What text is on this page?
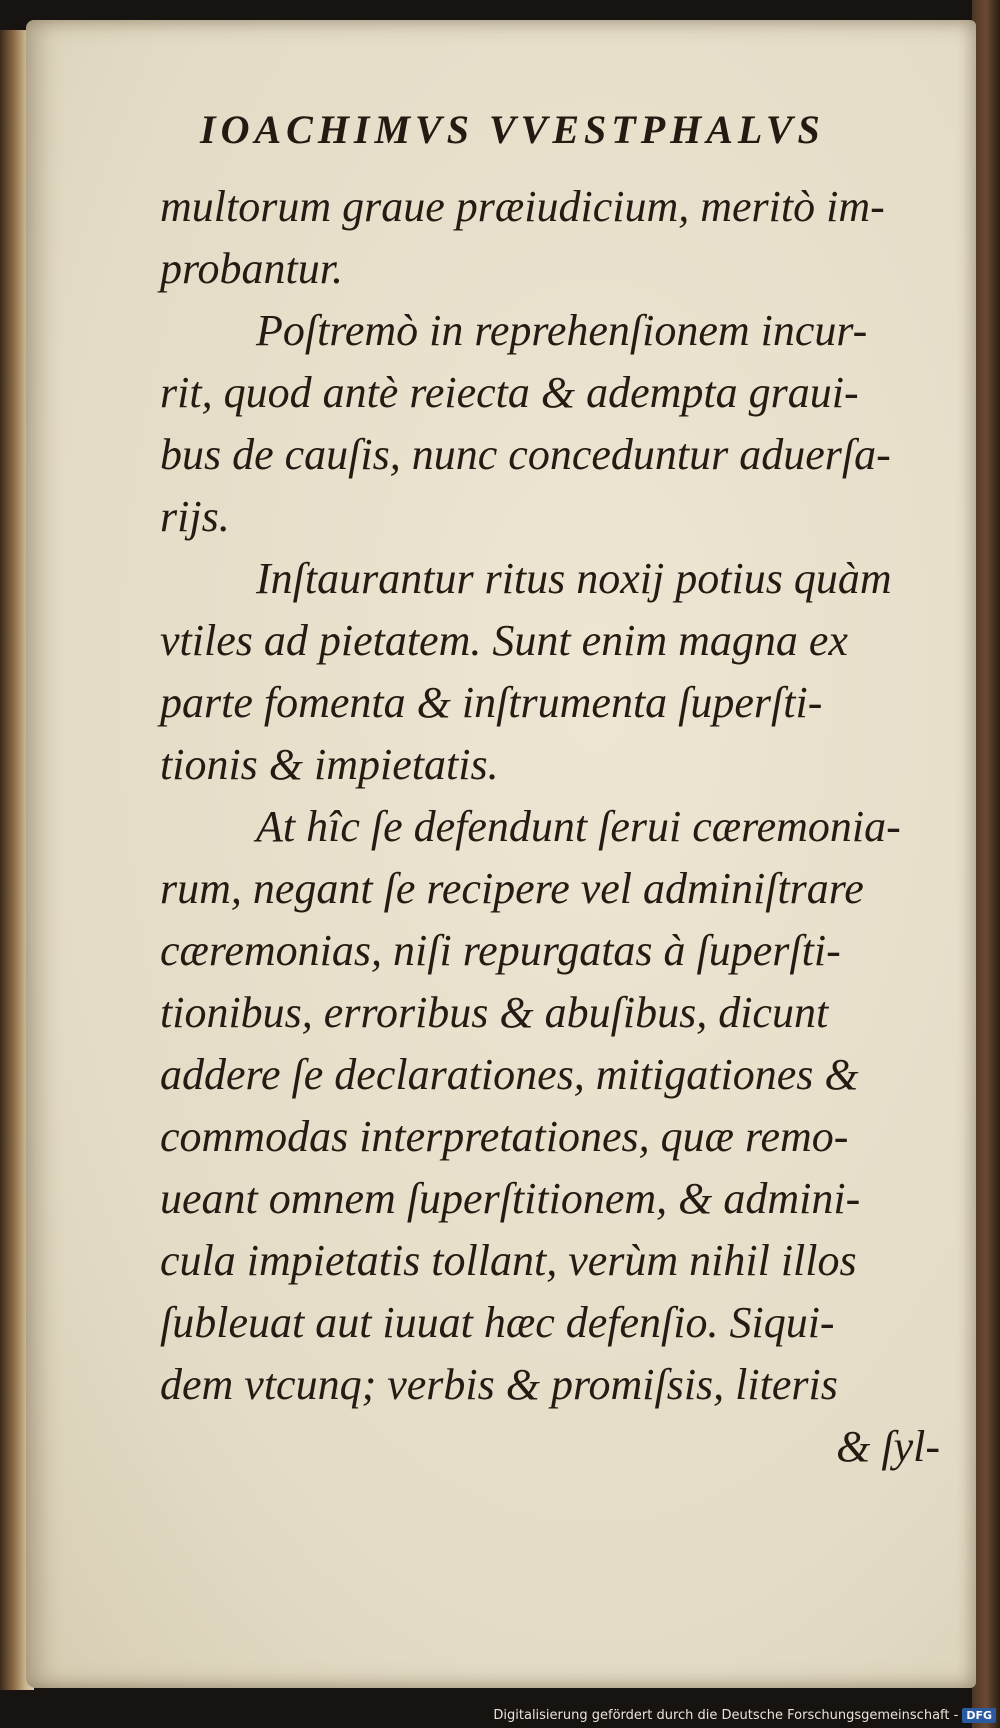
IOACHIMVS VVESTPHALVS
multorum graue præiudicium, meritò im-
probantur.
Poſtremò in reprehenſionem incur-
rit, quod antè reiecta & adempta graui-
bus de cauſis, nunc conceduntur aduerſa-
rijs.
Inſtaurantur ritus noxij potius quàm
vtiles ad pietatem. Sunt enim magna ex
parte fomenta & inſtrumenta ſuperſti-
tionis & impietatis.
At hîc ſe defendunt ſerui cæremonia-
rum, negant ſe recipere vel adminiſtrare
cæremonias, niſi repurgatas à ſuperſti-
tionibus, erroribus & abuſibus, dicunt
addere ſe declarationes, mitigationes &
commodas interpretationes, quæ remo-
ueant omnem ſuperſtitionem, & admini-
cula impietatis tollant, verùm nihil illos
ſubleuat aut iuuat hæc defenſio. Siqui-
dem vtcunq; verbis & promiſsis, literis
& ſyl-
Digitalisierung gefördert durch die Deutsche Forschungsgemeinschaft - DFG
